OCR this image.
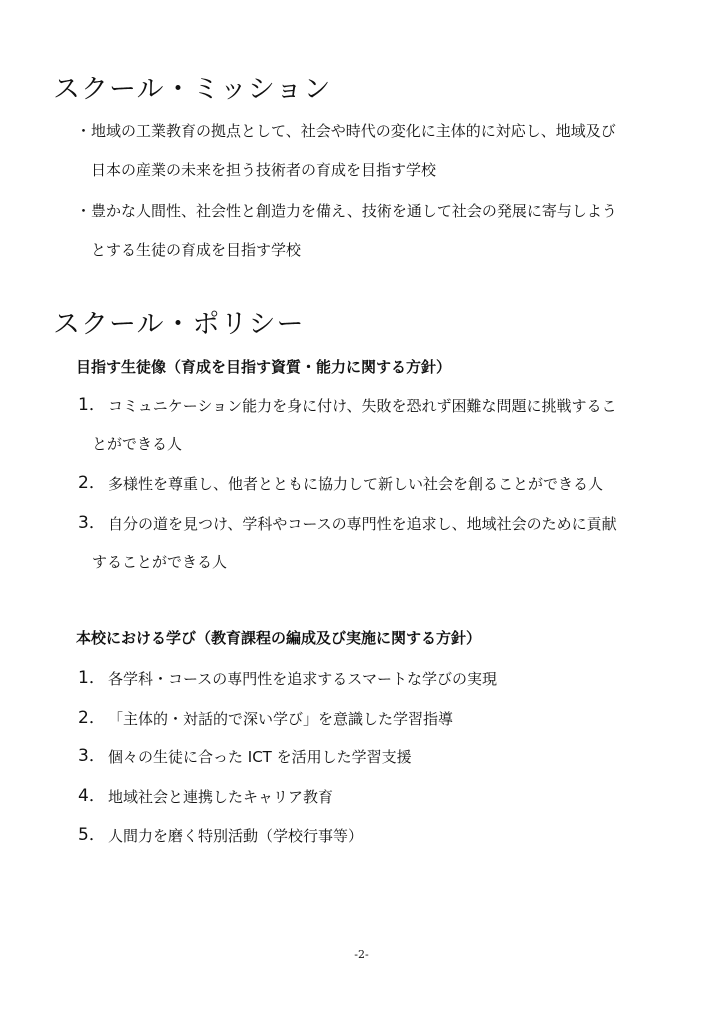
スクール・ミッション
・地域の工業教育の拠点として、社会や時代の変化に主体的に対応し、地域及び
日本の産業の未来を担う技術者の育成を目指す学校
・豊かな人間性、社会性と創造力を備え、技術を通して社会の発展に寄与しよう
とする生徒の育成を目指す学校
スクール・ポリシー
目指す生徒像（育成を目指す資質・能力に関する方針）
1． コミュニケーション能力を身に付け、失敗を恐れず困難な問題に挑戦するこ
とができる人
2． 多様性を尊重し、他者とともに協力して新しい社会を創ることができる人
3． 自分の道を見つけ、学科やコースの専門性を追求し、地域社会のために貢献
することができる人
本校における学び（教育課程の編成及び実施に関する方針）
1． 各学科・コースの専門性を追求するスマートな学びの実現
2． 「主体的・対話的で深い学び」を意識した学習指導
3． 個々の生徒に合った ICT を活用した学習支援
4． 地域社会と連携したキャリア教育
5． 人間力を磨く特別活動（学校行事等）
-2-
